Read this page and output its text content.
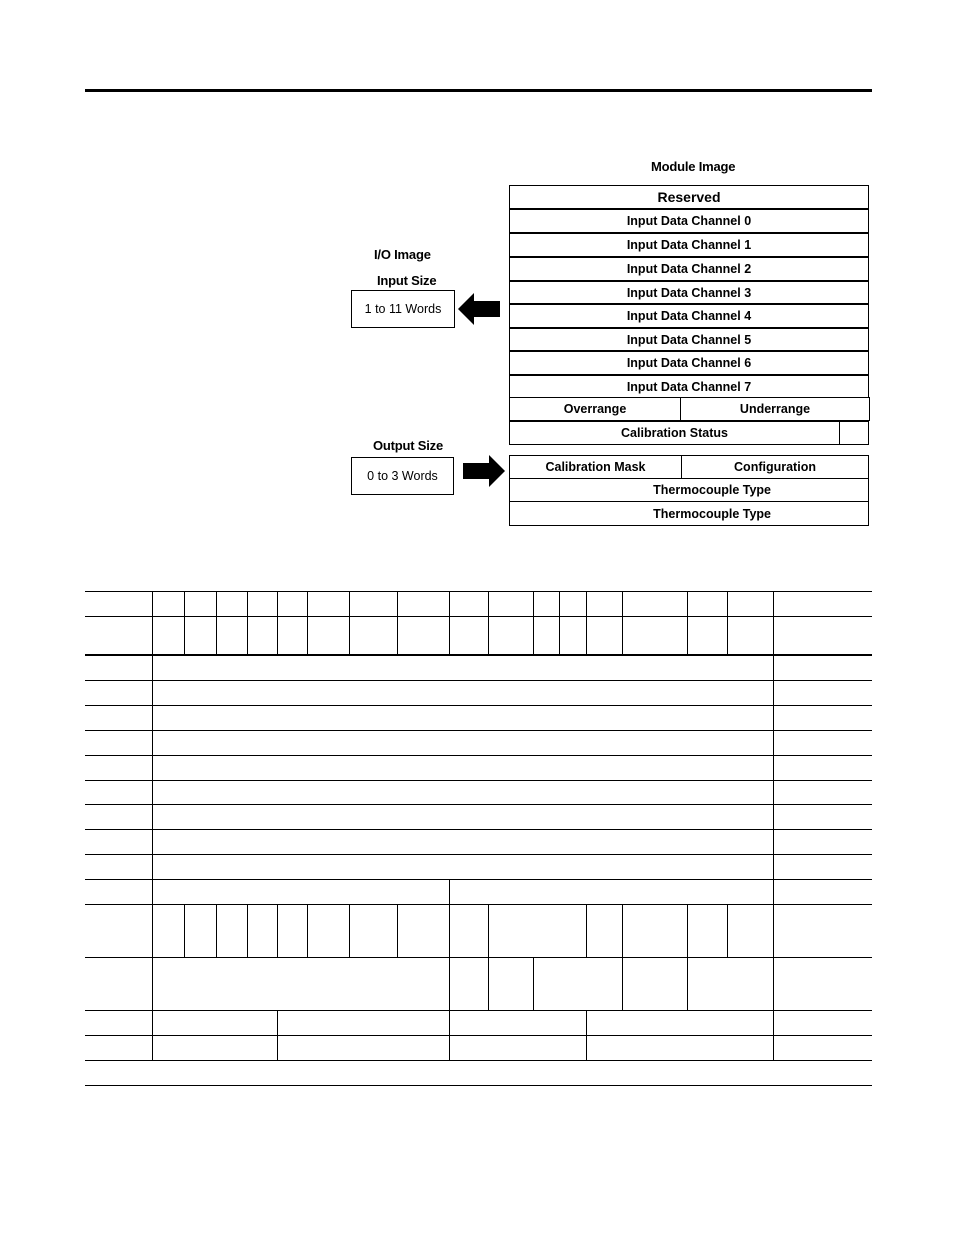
Module Image
I/O Image
Input Size
1 to 11 Words
Output Size
0 to 3 Words
Reserved
Input Data Channel 0
Input Data Channel 1
Input Data Channel 2
Input Data Channel 3
Input Data Channel 4
Input Data Channel 5
Input Data Channel 6
Input Data Channel 7
Overrange	Underrange
Calibration Status
Calibration Mask	Configuration
Thermocouple Type
Thermocouple Type
